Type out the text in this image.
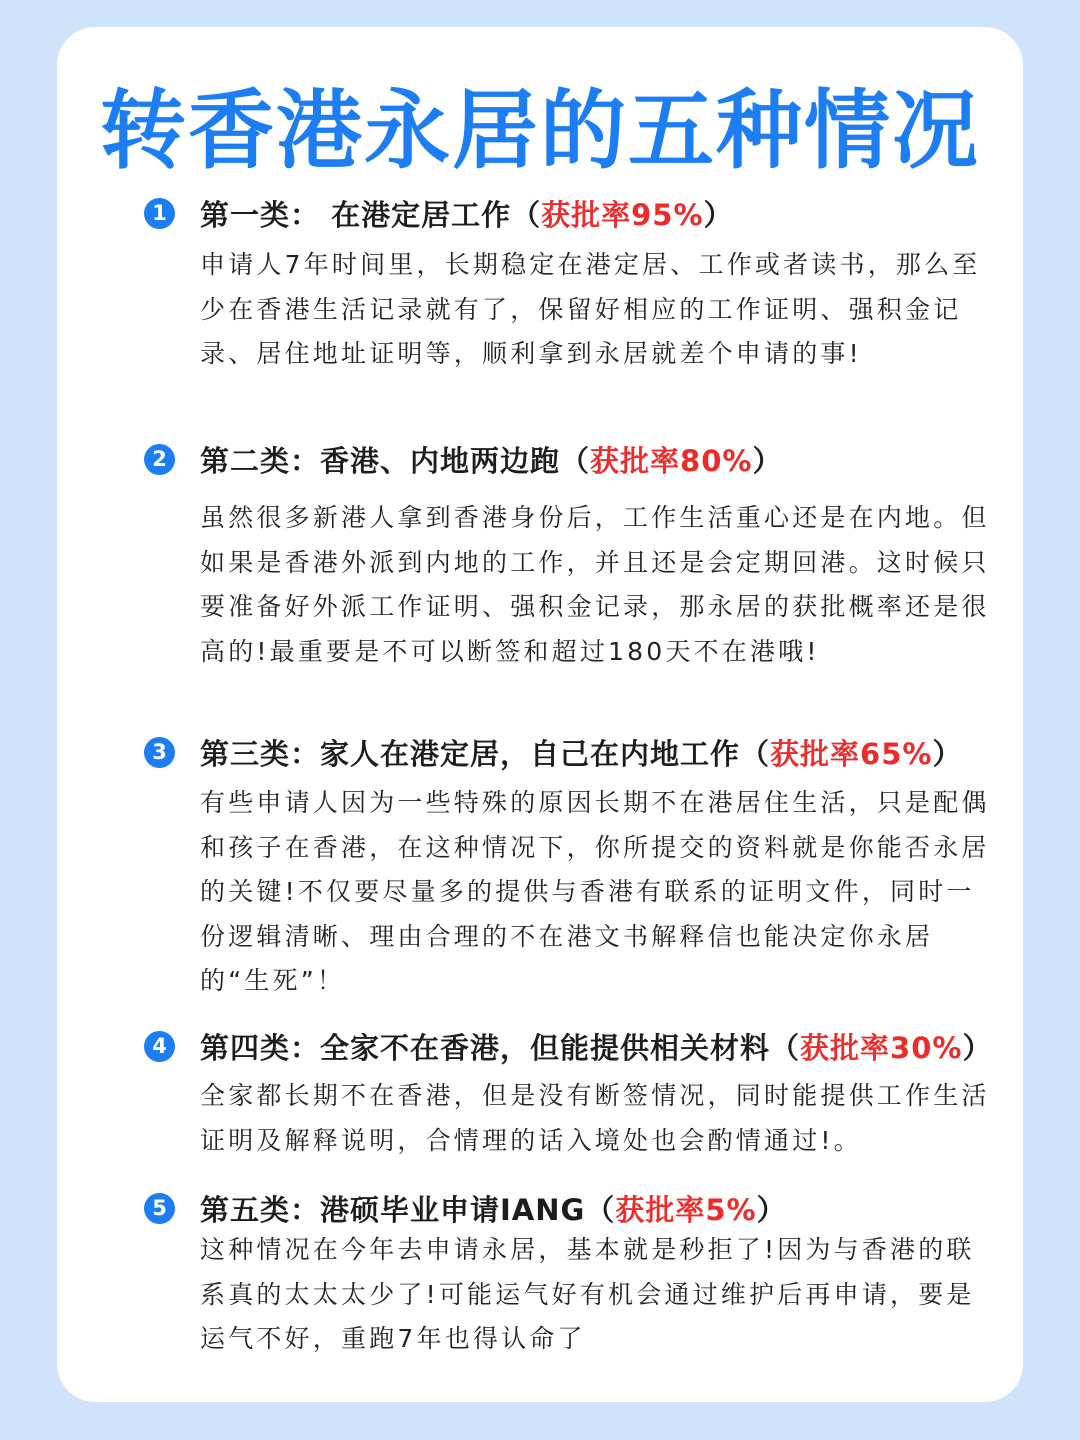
转香港永居的五种情况
1 第一类： 在港定居工作（获批率95%）

申请人7年时间里，长期稳定在港定居、工作或者读书，那么至少在香港生活记录就有了，保留好相应的工作证明、强积金记录、居住地址证明等，顺利拿到永居就差个申请的事!

2 第二类：香港、内地两边跑（获批率80%）

虽然很多新港人拿到香港身份后，工作生活重心还是在内地。但如果是香港外派到内地的工作，并且还是会定期回港。这时候只要准备好外派工作证明、强积金记录，那永居的获批概率还是很高的!最重要是不可以断签和超过180天不在港哦!

3 第三类：家人在港定居，自己在内地工作（获批率65%）

有些申请人因为一些特殊的原因长期不在港居住生活，只是配偶和孩子在香港，在这种情况下，你所提交的资料就是你能否永居的关键!不仅要尽量多的提供与香港有联系的证明文件，同时一份逻辑清晰、理由合理的不在港文书解释信也能决定你永居的“生死”！

4 第四类：全家不在香港，但能提供相关材料（获批率30%）

全家都长期不在香港，但是没有断签情况，同时能提供工作生活证明及解释说明，合情理的话入境处也会酌情通过!。

5 第五类：港硕毕业申请IANG（获批率5%）

这种情况在今年去申请永居，基本就是秒拒了!因为与香港的联系真的太太太少了!可能运气好有机会通过维护后再申请，要是运气不好，重跑7年也得认命了
